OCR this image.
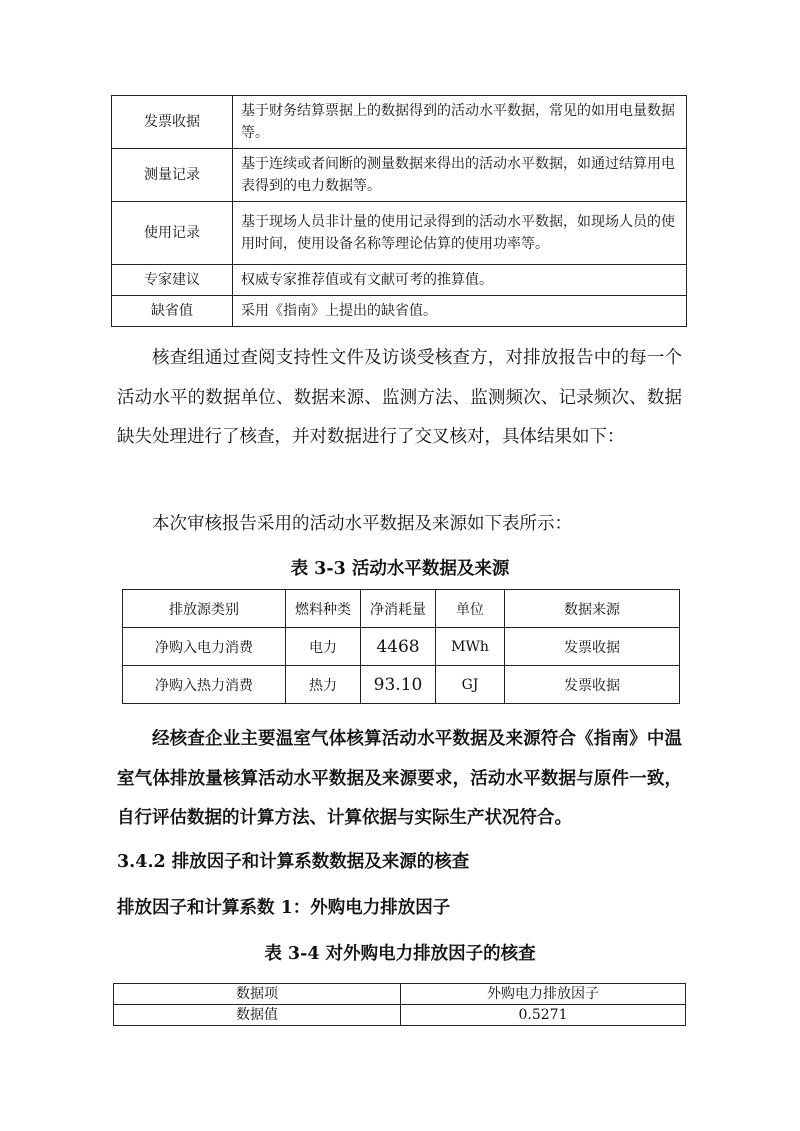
发票收据	基于财务结算票据上的数据得到的活动水平数据，常见的如用电量数据等。
测量记录	基于连续或者间断的测量数据来得出的活动水平数据，如通过结算用电表得到的电力数据等。
使用记录	基于现场人员非计量的使用记录得到的活动水平数据，如现场人员的使用时间，使用设备名称等理论估算的使用功率等。
专家建议	权威专家推荐值或有文献可考的推算值。
缺省值	采用《指南》上提出的缺省值。

核查组通过查阅支持性文件及访谈受核查方，对排放报告中的每一个活动水平的数据单位、数据来源、监测方法、监测频次、记录频次、数据缺失处理进行了核查，并对数据进行了交叉核对，具体结果如下：

本次审核报告采用的活动水平数据及来源如下表所示：

表 3-3 活动水平数据及来源

排放源类别	燃料种类	净消耗量	单位	数据来源
净购入电力消费	电力	4468	MWh	发票收据
净购入热力消费	热力	93.10	GJ	发票收据

经核查企业主要温室气体核算活动水平数据及来源符合《指南》中温室气体排放量核算活动水平数据及来源要求，活动水平数据与原件一致，自行评估数据的计算方法、计算依据与实际生产状况符合。

3.4.2 排放因子和计算系数数据及来源的核查

排放因子和计算系数 1：外购电力排放因子

表 3-4 对外购电力排放因子的核查

数据项	外购电力排放因子
数据值	0.5271
